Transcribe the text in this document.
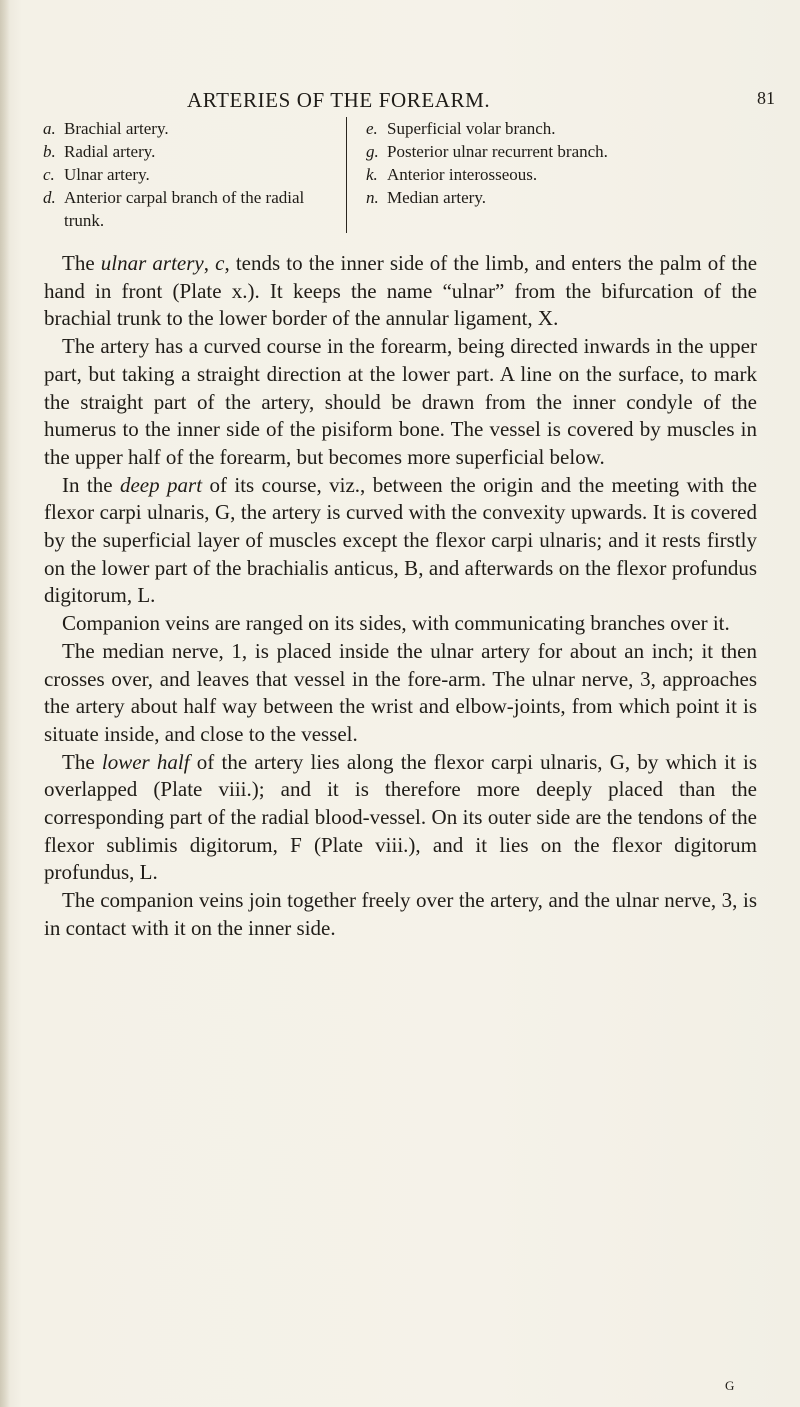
ARTERIES OF THE FOREARM.	81
a. Brachial artery.
b. Radial artery.
c. Ulnar artery.
d. Anterior carpal branch of the radial trunk.
e. Superficial volar branch.
g. Posterior ulnar recurrent branch.
k. Anterior interosseous.
n. Median artery.

The ulnar artery, c, tends to the inner side of the limb, and enters the palm of the hand in front (Plate x.). It keeps the name “ulnar” from the bifurcation of the brachial trunk to the lower border of the annular ligament, X.

The artery has a curved course in the forearm, being directed inwards in the upper part, but taking a straight direction at the lower part. A line on the surface, to mark the straight part of the artery, should be drawn from the inner condyle of the humerus to the inner side of the pisiform bone. The vessel is covered by muscles in the upper half of the forearm, but becomes more superficial below.

In the deep part of its course, viz., between the origin and the meeting with the flexor carpi ulnaris, G, the artery is curved with the convexity upwards. It is covered by the superficial layer of muscles except the flexor carpi ulnaris; and it rests firstly on the lower part of the brachialis anticus, B, and afterwards on the flexor profundus digitorum, L.

Companion veins are ranged on its sides, with communicating branches over it.

The median nerve, 1, is placed inside the ulnar artery for about an inch; it then crosses over, and leaves that vessel in the fore-arm. The ulnar nerve, 3, approaches the artery about half way between the wrist and elbow-joints, from which point it is situate inside, and close to the vessel.

The lower half of the artery lies along the flexor carpi ulnaris, G, by which it is overlapped (Plate viii.); and it is therefore more deeply placed than the corresponding part of the radial blood-vessel. On its outer side are the tendons of the flexor sublimis digitorum, F (Plate viii.), and it lies on the flexor digitorum profundus, L.

The companion veins join together freely over the artery, and the ulnar nerve, 3, is in contact with it on the inner side.

G
